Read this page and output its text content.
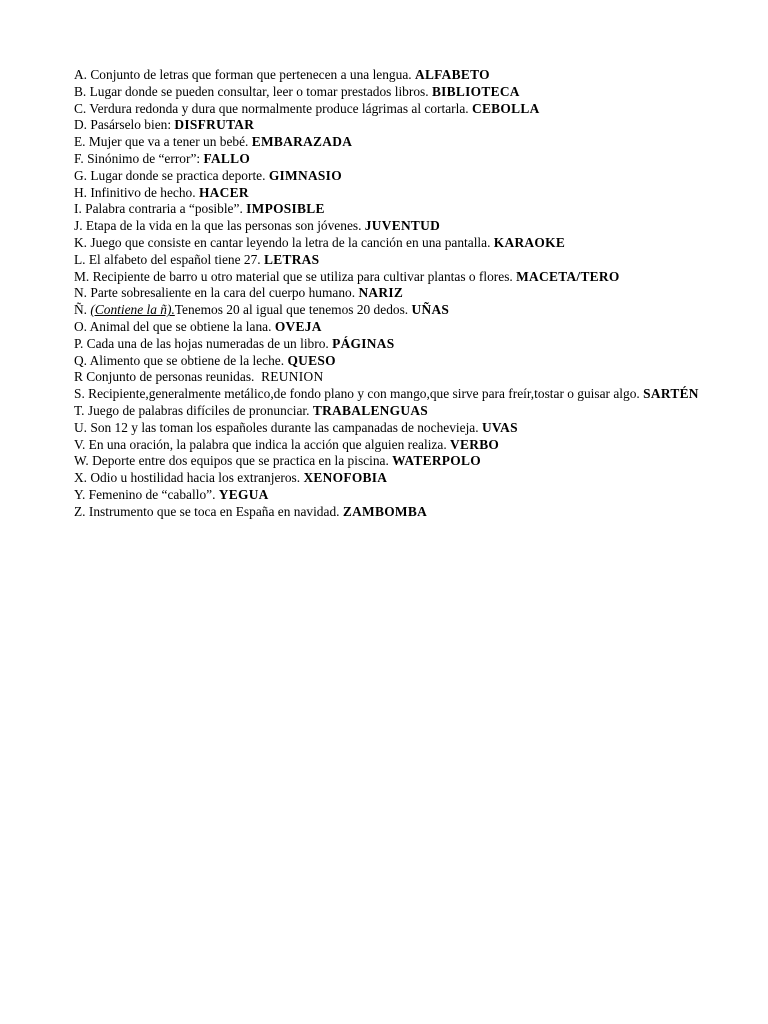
A. Conjunto de letras que forman que pertenecen a una lengua. ALFABETO
B. Lugar donde se pueden consultar, leer o tomar prestados libros. BIBLIOTECA
C. Verdura redonda y dura que normalmente produce lágrimas al cortarla. CEBOLLA
D. Pasárselo bien: DISFRUTAR
E. Mujer que va a tener un bebé. EMBARAZADA
F. Sinónimo de “error”: FALLO
G. Lugar donde se practica deporte. GIMNASIO
H. Infinitivo de hecho. HACER
I. Palabra contraria a “posible”. IMPOSIBLE
J. Etapa de la vida en la que las personas son jóvenes. JUVENTUD
K. Juego que consiste en cantar leyendo la letra de la canción en una pantalla. KARAOKE
L. El alfabeto del español tiene 27. LETRAS
M. Recipiente de barro u otro material que se utiliza para cultivar plantas o flores. MACETA/TERO
N. Parte sobresaliente en la cara del cuerpo humano. NARIZ
Ñ. (Contiene la ñ).Tenemos 20 al igual que tenemos 20 dedos. UÑAS
O. Animal del que se obtiene la lana. OVEJA
P. Cada una de las hojas numeradas de un libro. PÁGINAS
Q. Alimento que se obtiene de la leche. QUESO
R Conjunto de personas reunidas.  REUNION
S. Recipiente,generalmente metálico,de fondo plano y con mango,que sirve para freír,tostar o guisar algo. SARTÉN
T. Juego de palabras difíciles de pronunciar. TRABALENGUAS
U. Son 12 y las toman los españoles durante las campanadas de nochevieja. UVAS
V. En una oración, la palabra que indica la acción que alguien realiza. VERBO
W. Deporte entre dos equipos que se practica en la piscina. WATERPOLO
X. Odio u hostilidad hacia los extranjeros. XENOFOBIA
Y. Femenino de “caballo”. YEGUA
Z. Instrumento que se toca en España en navidad. ZAMBOMBA
